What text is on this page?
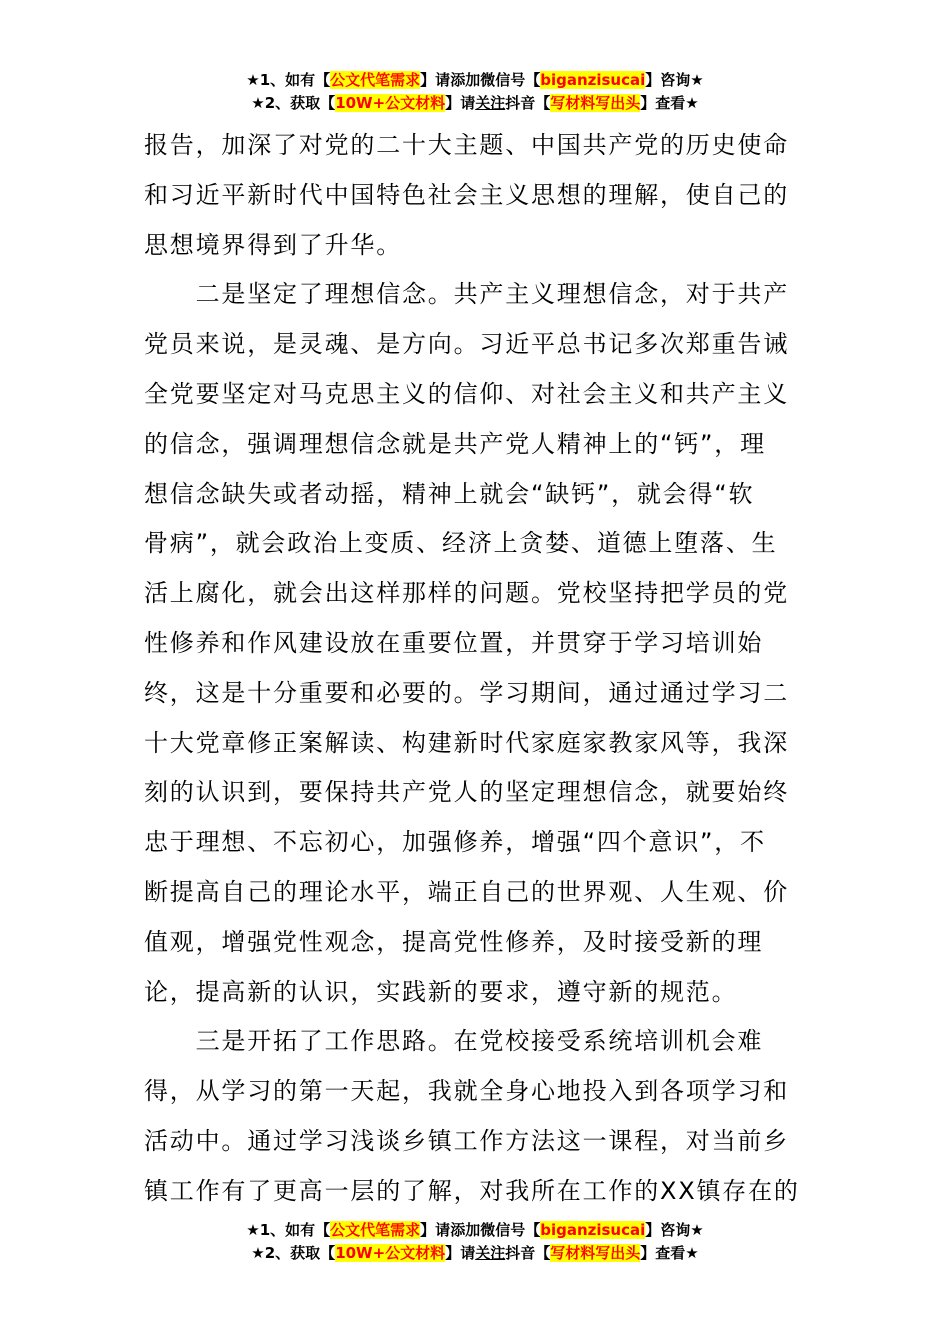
★1、如有【公文代笔需求】请添加微信号【biganzisucai】咨询★
★2、获取【10W+公文材料】请关注抖音【写材料写出头】查看★
报告，加深了对党的二十大主题、中国共产党的历史使命
和习近平新时代中国特色社会主义思想的理解，使自己的
思想境界得到了升华。
　　二是坚定了理想信念。共产主义理想信念，对于共产
党员来说，是灵魂、是方向。习近平总书记多次郑重告诫
全党要坚定对马克思主义的信仰、对社会主义和共产主义
的信念，强调理想信念就是共产党人精神上的“钙”，理
想信念缺失或者动摇，精神上就会“缺钙”，就会得“软
骨病”，就会政治上变质、经济上贪婪、道德上堕落、生
活上腐化，就会出这样那样的问题。党校坚持把学员的党
性修养和作风建设放在重要位置，并贯穿于学习培训始
终，这是十分重要和必要的。学习期间，通过通过学习二
十大党章修正案解读、构建新时代家庭家教家风等，我深
刻的认识到，要保持共产党人的坚定理想信念，就要始终
忠于理想、不忘初心，加强修养，增强“四个意识”，不
断提高自己的理论水平，端正自己的世界观、人生观、价
值观，增强党性观念，提高党性修养，及时接受新的理
论，提高新的认识，实践新的要求，遵守新的规范。
　　三是开拓了工作思路。在党校接受系统培训机会难
得，从学习的第一天起，我就全身心地投入到各项学习和
活动中。通过学习浅谈乡镇工作方法这一课程，对当前乡
镇工作有了更高一层的了解，对我所在工作的XX镇存在的
★1、如有【公文代笔需求】请添加微信号【biganzisucai】咨询★
★2、获取【10W+公文材料】请关注抖音【写材料写出头】查看★
